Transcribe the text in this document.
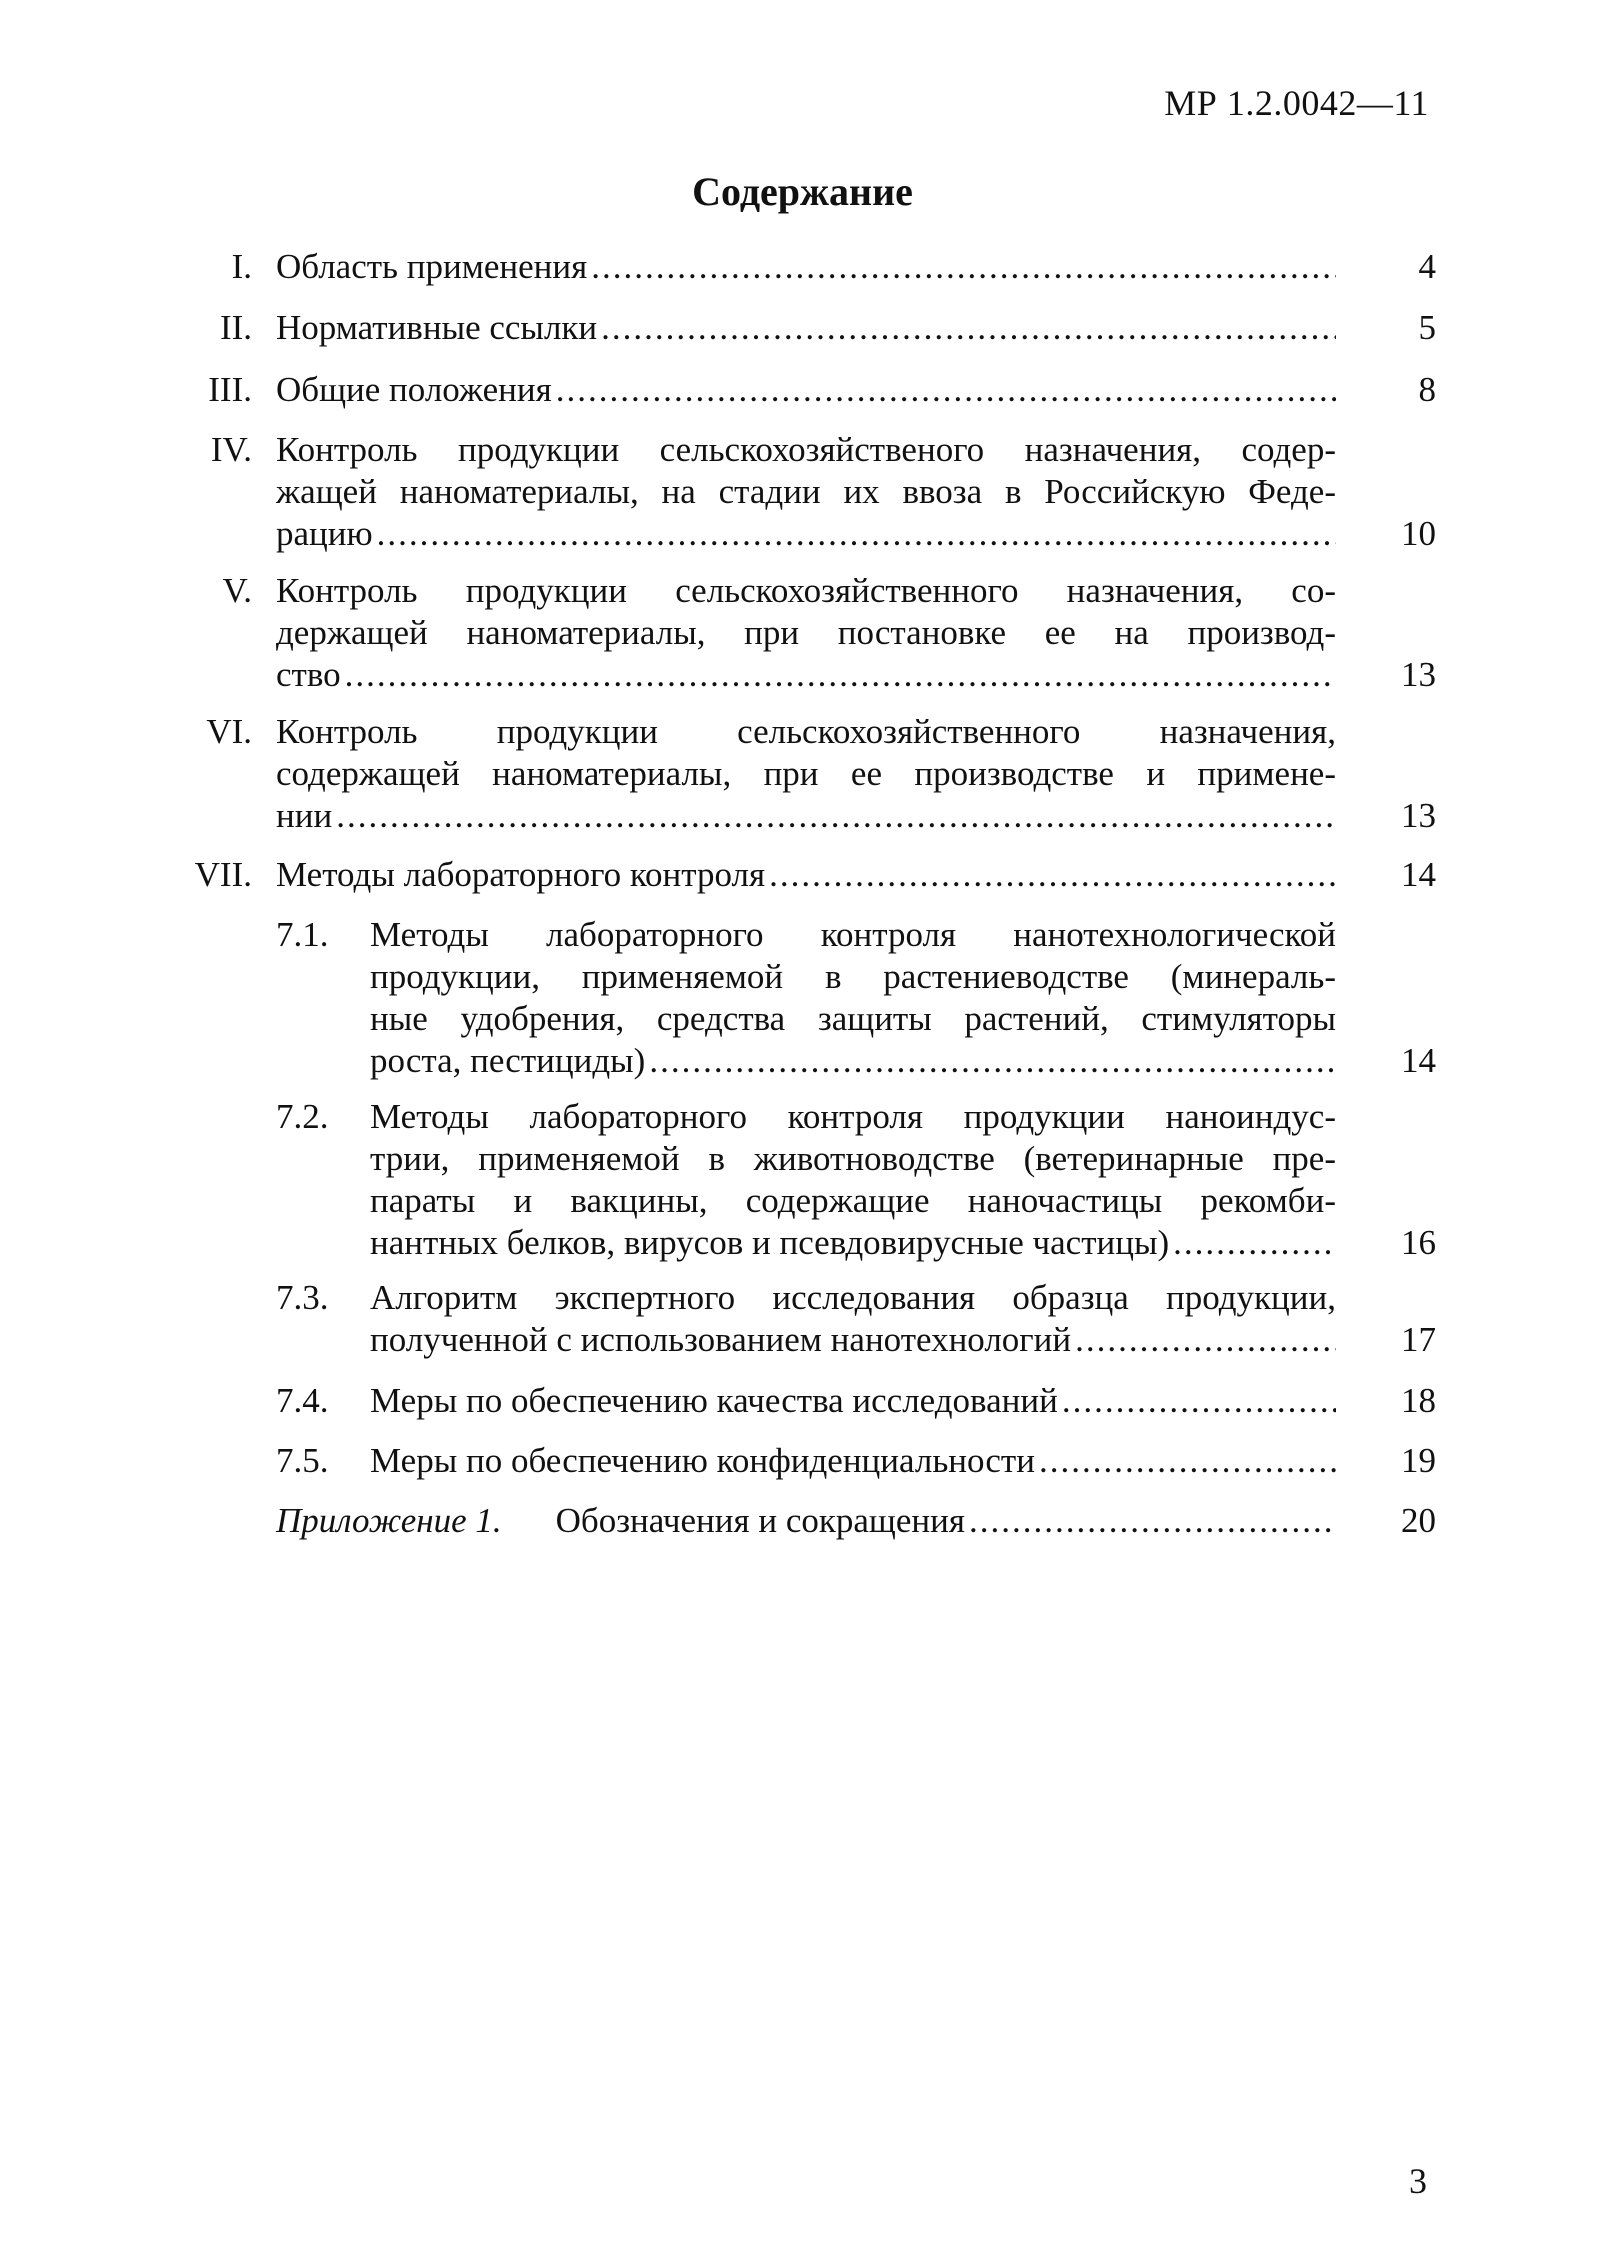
МР 1.2.0042—11
Содержание
I. Область применения .....	4
II. Нормативные ссылки .....	5
III. Общие положения .....	8
IV. Контроль продукции сельскохозяйственого назначения, содер-
жащей наноматериалы, на стадии их ввоза в Российскую Феде-
рацию .....	10
V. Контроль продукции сельскохозяйственного назначения, со-
держащей наноматериалы, при постановке ее на производ-
ство .....	13
VI. Контроль продукции сельскохозяйственного назначения,
содержащей наноматериалы, при ее производстве и примене-
нии .....	13
VII. Методы лабораторного контроля .....	14
7.1.	Методы лабораторного контроля нанотехнологической
продукции, применяемой в растениеводстве (минераль-
ные удобрения, средства защиты растений, стимуляторы
роста, пестициды) .....	14
7.2.	Методы лабораторного контроля продукции наноиндус-
трии, применяемой в животноводстве (ветеринарные пре-
параты и вакцины, содержащие наночастицы рекомби-
нантных белков, вирусов и псевдовирусные частицы) .....	16
7.3.	Алгоритм экспертного исследования образца продукции,
полученной с использованием нанотехнологий .....	17
7.4.	Меры по обеспечению качества исследований .....	18
7.5.	Меры по обеспечению конфиденциальности .....	19
Приложение 1. Обозначения и сокращения .....	20
3
